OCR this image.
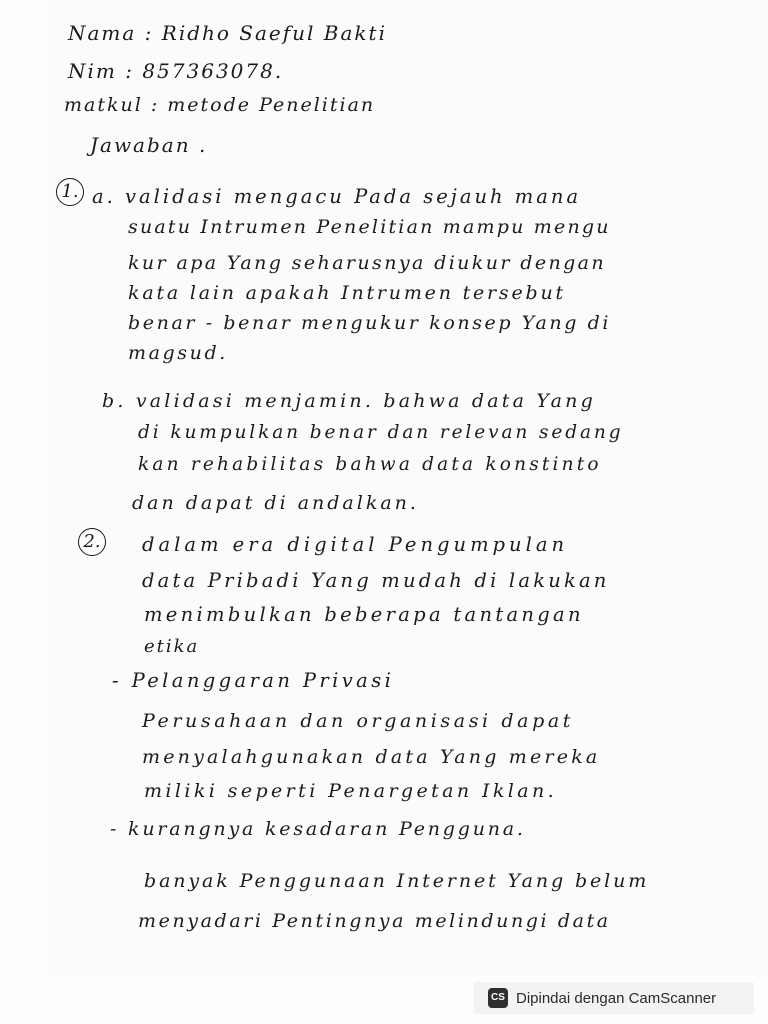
Nama : Ridho Saeful Bakti
Nim : 857363078.
matkul : metode Penelitian
Jawaban .
1. a. validasi mengacu Pada sejauh mana
suatu Intrumen Penelitian mampu mengu
kur apa Yang seharusnya diukur dengan
kata lain apakah Intrumen tersebut
benar - benar mengukur konsep Yang di
magsud.
b. validasi menjamin. bahwa data Yang
di kumpulkan benar dan relevan sedang
kan rehabilitas bahwa data konstinto
dan dapat di andalkan.
2. dalam era digital Pengumpulan
data Pribadi Yang mudah di lakukan
menimbulkan beberapa tantangan
etika
- Pelanggaran Privasi
Perusahaan dan organisasi dapat
menyalahgunakan data Yang mereka
miliki seperti Penargetan Iklan.
- kurangnya kesadaran Pengguna.
banyak Penggunaan Internet Yang belum
menyadari Pentingnya melindungi data
CS Dipindai dengan CamScanner
